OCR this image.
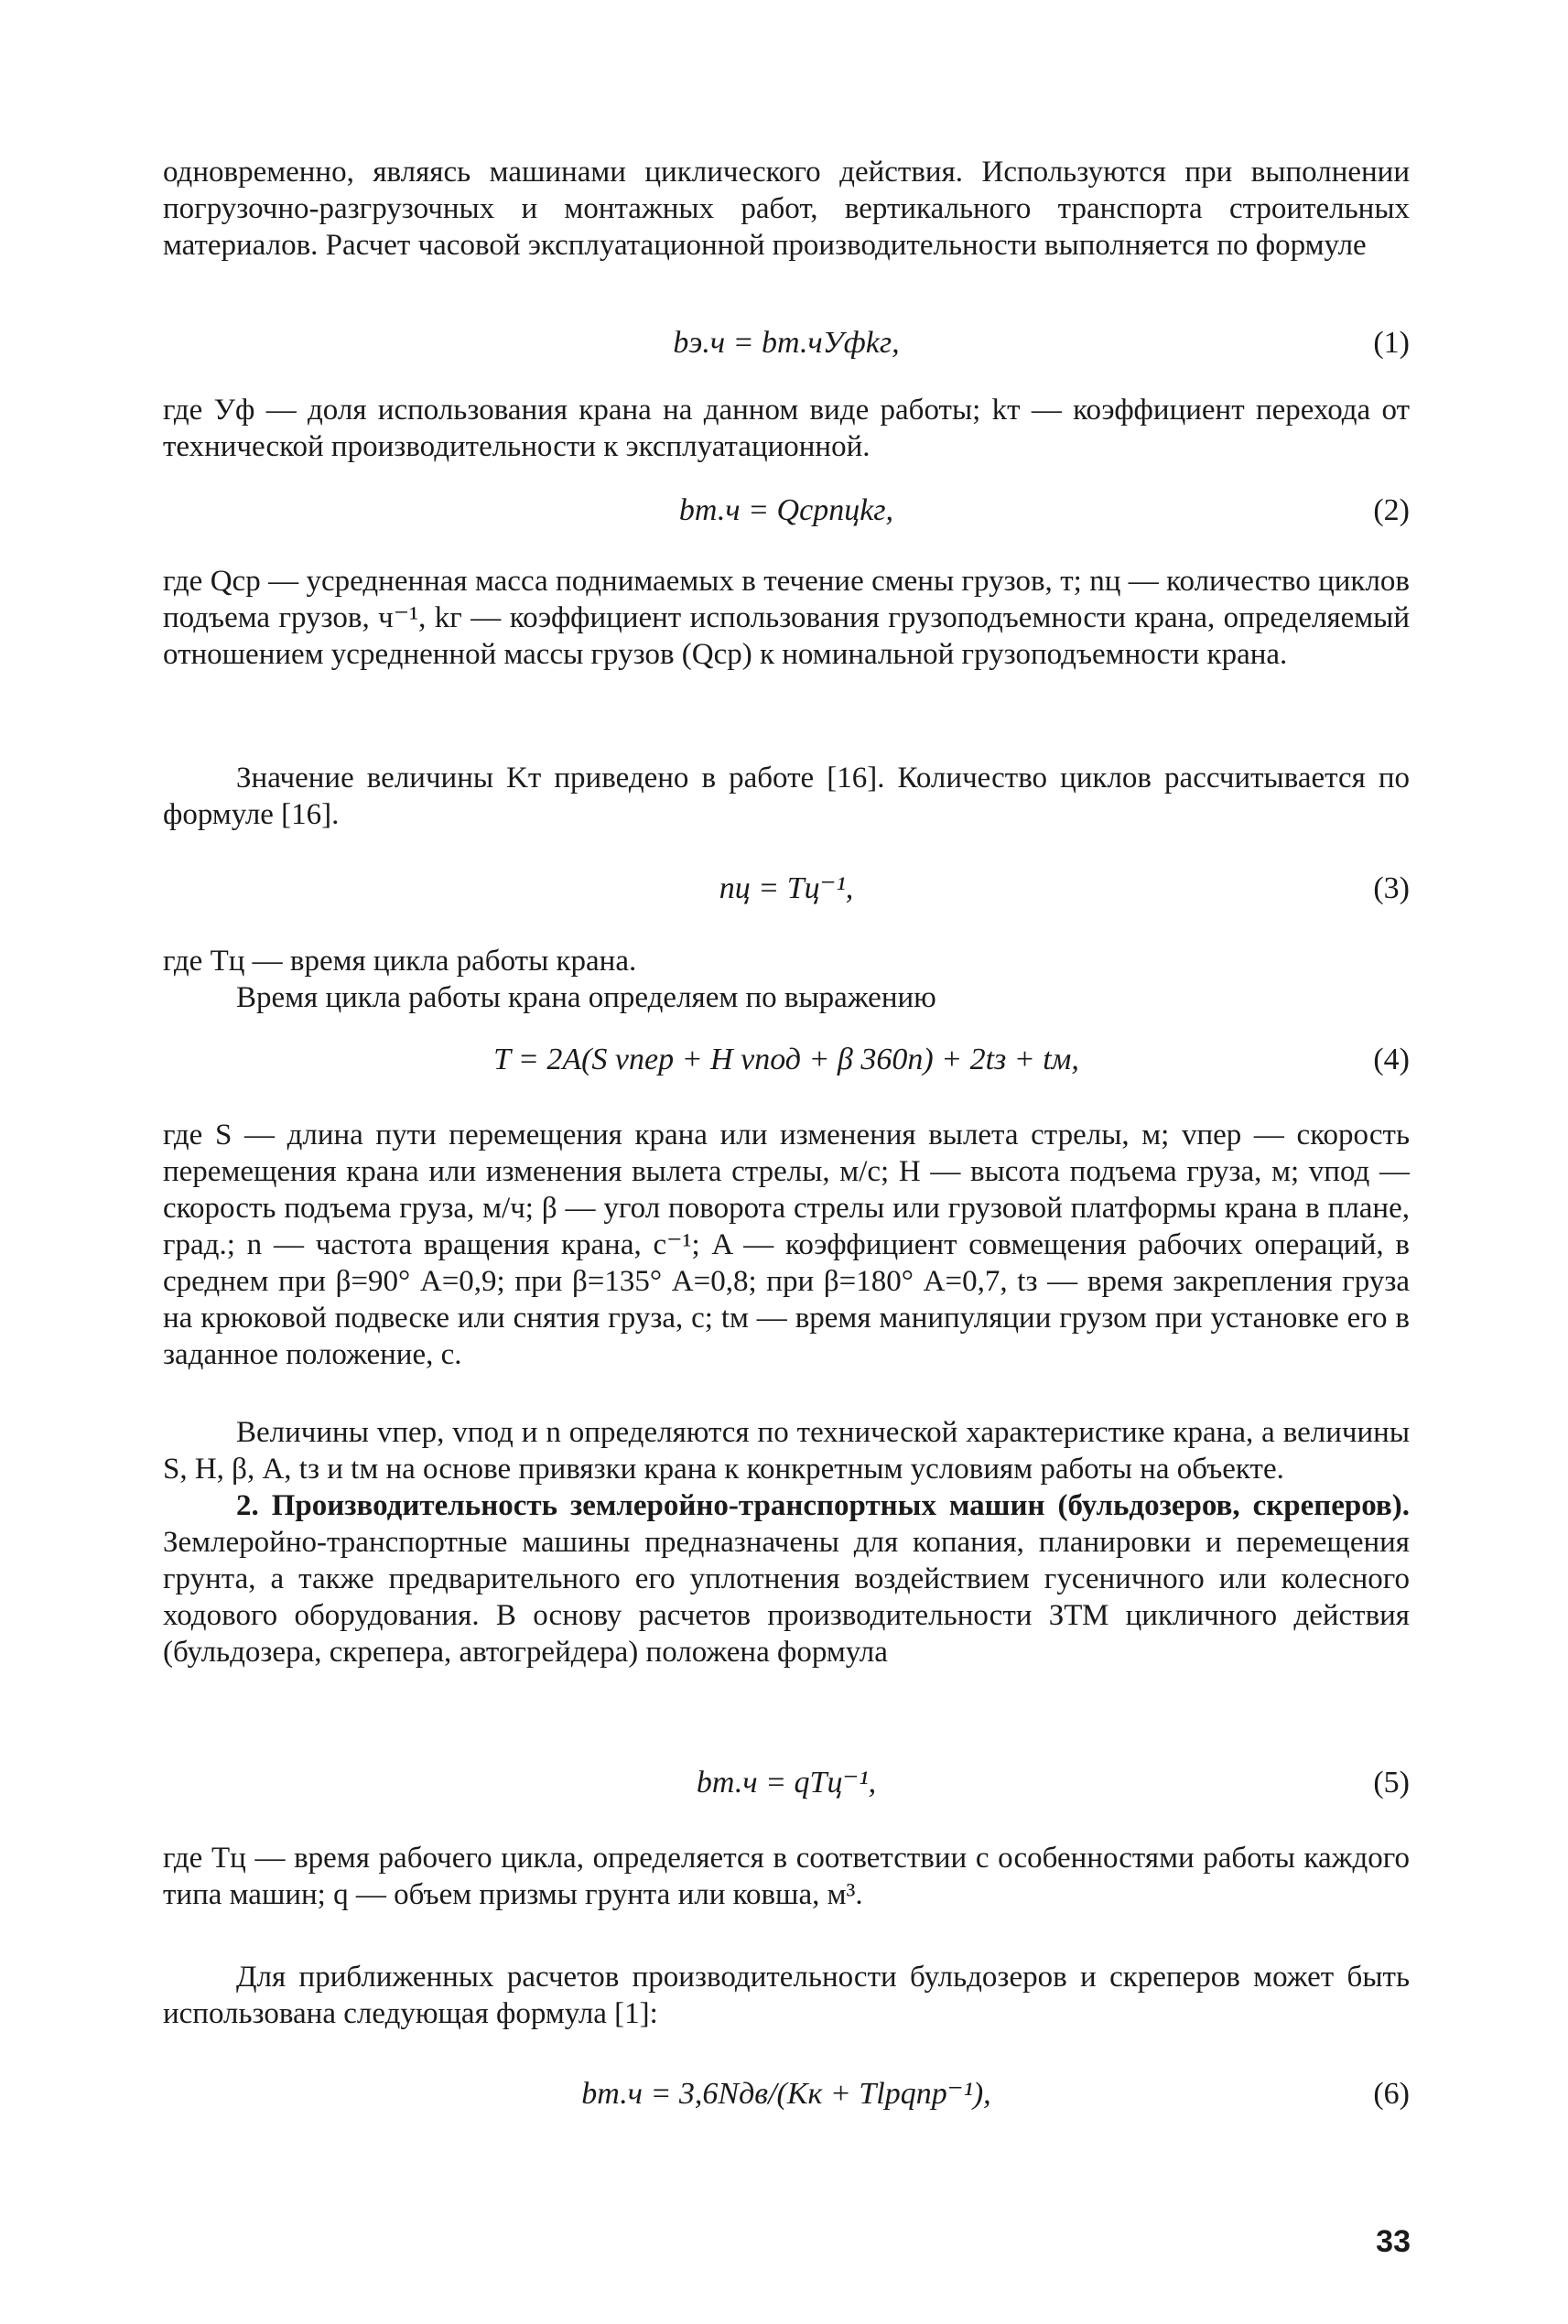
одновременно, являясь машинами циклического действия. Используются при выполнении погрузочно-разгрузочных и монтажных работ, вертикального транспорта строительных материалов. Расчет часовой эксплуатационной производительности выполняется по формуле

bэ.ч = bт.чУфkг,	(1)

где Уф — доля использования крана на данном виде работы; kт — коэффициент перехода от технической производительности к эксплуатационной.

bт.ч = Qсрnцkг,	(2)

где Qср — усредненная масса поднимаемых в течение смены грузов, т; nц — количество циклов подъема грузов, ч⁻¹, kг — коэффициент использования грузоподъемности крана, определяемый отношением усредненной массы грузов (Qср) к номинальной грузоподъемности крана.

Значение величины Kт приведено в работе [16]. Количество циклов рассчитывается по формуле [16].

nц = Tц⁻¹,	(3)

где Tц — время цикла работы крана.

Время цикла работы крана определяем по выражению

T = 2A(S vпер + H vпод + β 360n) + 2tз + tм,	(4)

где S — длина пути перемещения крана или изменения вылета стрелы, м; vпер — скорость перемещения крана или изменения вылета стрелы, м/с; H — высота подъема груза, м; vпод — скорость подъема груза, м/ч; β — угол поворота стрелы или грузовой платформы крана в плане, град.; n — частота вращения крана, с⁻¹; A — коэффициент совмещения рабочих операций, в среднем при β=90° A=0,9; при β=135° A=0,8; при β=180° A=0,7, tз — время закрепления груза на крюковой подвеске или снятия груза, с; tм — время манипуляции грузом при установке его в заданное положение, с.

Величины vпер, vпод и n определяются по технической характеристике крана, а величины S, H, β, A, tз и tм на основе привязки крана к конкретным условиям работы на объекте.

2. Производительность землеройно-транспортных машин (бульдозеров, скреперов). Землеройно-транспортные машины предназначены для копания, планировки и перемещения грунта, а также предварительного его уплотнения воздействием гусеничного или колесного ходового оборудования. В основу расчетов производительности ЗТМ цикличного действия (бульдозера, скрепера, автогрейдера) положена формула

bт.ч = qTц⁻¹,	(5)

где Tц — время рабочего цикла, определяется в соответствии с особенностями работы каждого типа машин; q — объем призмы грунта или ковша, м³.

Для приближенных расчетов производительности бульдозеров и скреперов может быть использована следующая формула [1]:

bт.ч = 3,6Nдв/(Kк + Tlрqпр⁻¹),	(6)
33
